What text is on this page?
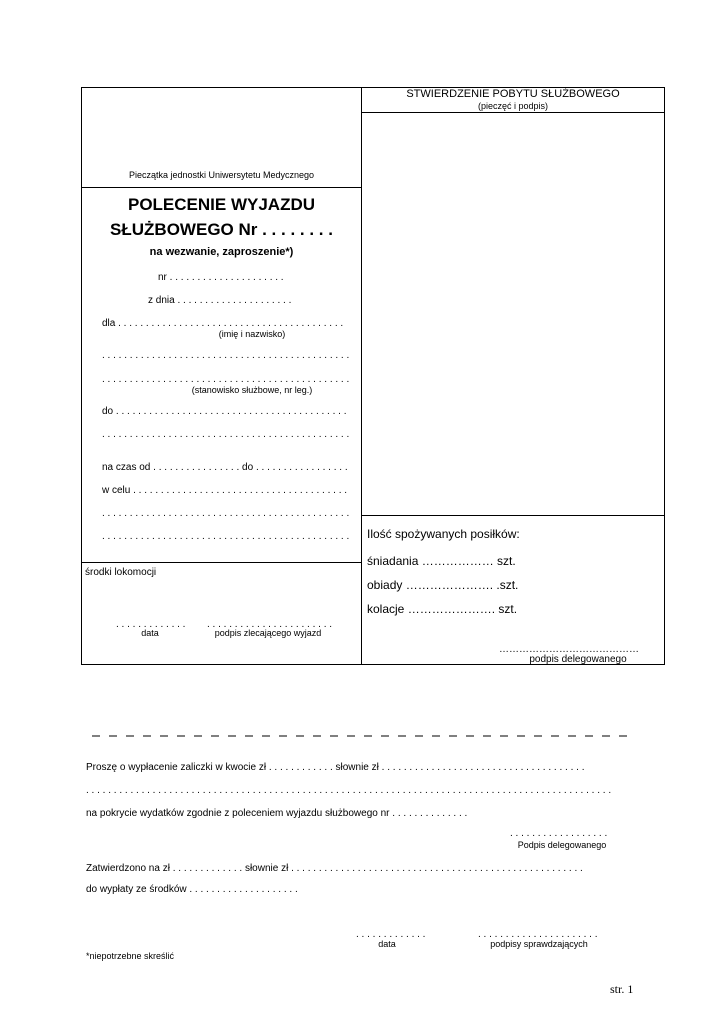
Pieczątka jednostki Uniwersytetu Medycznego
POLECENIE WYJAZDU
SŁUŻBOWEGO Nr . . . . . . . .
na wezwanie, zaproszenie*)
nr . . . . . . . . . . . . . . . . . . . . .
z dnia . . . . . . . . . . . . . . . . . . . . .
dla . . . . . . . . . . . . . . . . . . . . . . . . . . . . . . . . . . . . . . . . .
(imię i nazwisko)
. . . . . . . . . . . . . . . . . . . . . . . . . . . . . . . . . . . . . . . . . . . . .
. . . . . . . . . . . . . . . . . . . . . . . . . . . . . . . . . . . . . . . . . . . . .
(stanowisko służbowe, nr leg.)
do . . . . . . . . . . . . . . . . . . . . . . . . . . . . . . . . . . . . . . . . . .
. . . . . . . . . . . . . . . . . . . . . . . . . . . . . . . . . . . . . . . . . . . . .
na czas od . . . . . . . . . . . . . . . . do . . . . . . . . . . . . . . . . .
w celu . . . . . . . . . . . . . . . . . . . . . . . . . . . . . . . . . . . . . . .
. . . . . . . . . . . . . . . . . . . . . . . . . . . . . . . . . . . . . . . . . . . . .
. . . . . . . . . . . . . . . . . . . . . . . . . . . . . . . . . . . . . . . . . . . . .
środki lokomocji
. . . . . . . . . . . . .
data
. . . . . . . . . . . . . . . . . . . . . . .
podpis zlecającego wyjazd
STWIERDZENIE POBYTU SŁUŻBOWEGO
(pieczęć i podpis)
Ilość spożywanych posiłków:
śniadania ……………… szt.
obiady …………………. .szt.
kolacje …………………. szt.
……………………………………
podpis delegowanego
Proszę o wypłacenie zaliczki w kwocie zł . . . . . . . . . . . . słownie zł . . . . . . . . . . . . . . . . . . . . . . . . . . . . . . . . . . . . .
. . . . . . . . . . . . . . . . . . . . . . . . . . . . . . . . . . . . . . . . . . . . . . . . . . . . . . . . . . . . . . . . . . . . . . . . . . . . . . . . . . . . . . . . . . . . . . .
na pokrycie wydatków zgodnie z poleceniem wyjazdu służbowego nr . . . . . . . . . . . . . .
. . . . . . . . . . . . . . . . . .
Podpis delegowanego
Zatwierdzono na zł . . . . . . . . . . . . . słownie zł . . . . . . . . . . . . . . . . . . . . . . . . . . . . . . . . . . . . . . . . . . . . . . . . . . . . .
do wypłaty ze środków . . . . . . . . . . . . . . . . . . . .
. . . . . . . . . . . . .
data
. . . . . . . . . . . . . . . . . . . . . .
podpisy sprawdzających
*niepotrzebne skreślić
str. 1
